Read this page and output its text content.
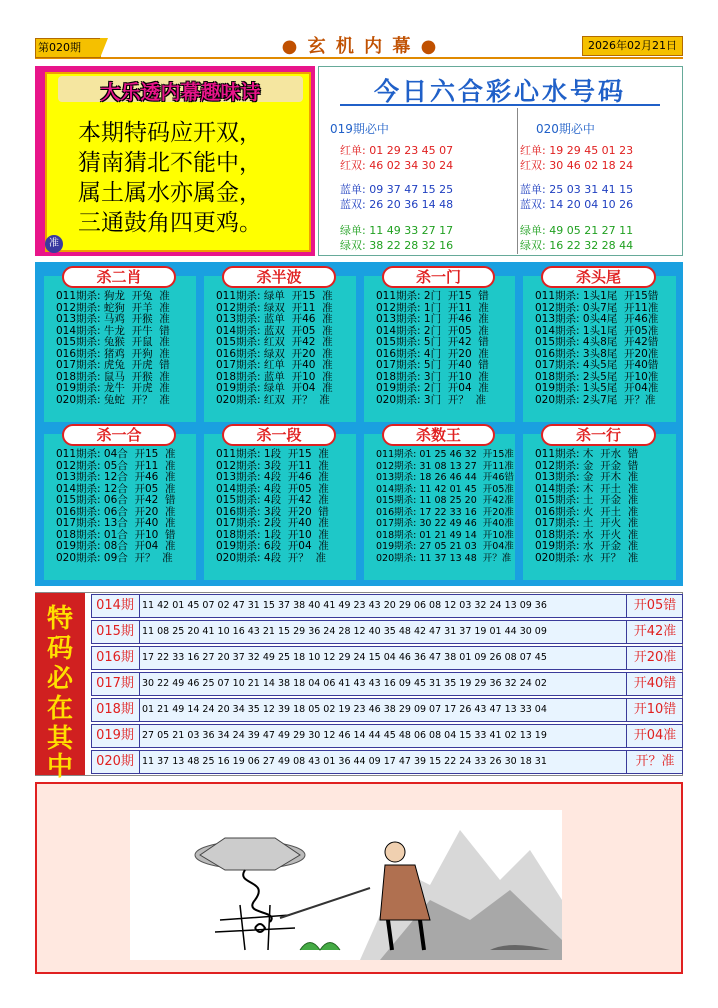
第020期	● 玄 机 内 幕 ●	2026年02月21日
大乐透内幕趣味诗
本期特码应开双，
猜南猜北不能中，
属土属水亦属金，
三通鼓角四更鸡。
准
今日六合彩心水号码
019期必中	020期必中
红单: 01 29 23 45 07
红双: 46 02 34 30 24
蓝单: 09 37 47 15 25
蓝双: 26 20 36 14 48
绿单: 11 49 33 27 17
绿双: 38 22 28 32 16
红单: 19 29 45 01 23
红双: 30 46 02 18 24
蓝单: 25 03 31 41 15
蓝双: 14 20 04 10 26
绿单: 49 05 21 27 11
绿双: 16 22 32 28 44
杀二肖
011期杀: 狗龙  开兔  准
012期杀: 蛇狗  开羊  准
013期杀: 马鸡  开猴  准
014期杀: 牛龙  开牛  错
015期杀: 兔猴  开鼠  准
016期杀: 猪鸡  开狗  准
017期杀: 虎兔  开虎  错
018期杀: 鼠马  开猴  准
019期杀: 龙牛  开虎  准
020期杀: 兔蛇  开？  准
杀半波
011期杀: 绿单  开15  准
012期杀: 绿双  开11  准
013期杀: 蓝单  开46  准
014期杀: 蓝双  开05  准
015期杀: 红双  开42  准
016期杀: 绿双  开20  准
017期杀: 红单  开40  准
018期杀: 蓝单  开10  准
019期杀: 绿单  开04  准
020期杀: 红双  开？  准
杀一门
011期杀: 2门  开15  错
012期杀: 1门  开11  准
013期杀: 1门  开46  准
014期杀: 2门  开05  准
015期杀: 5门  开42  错
016期杀: 4门  开20  准
017期杀: 5门  开40  错
018期杀: 3门  开10  准
019期杀: 2门  开04  准
020期杀: 3门  开？  准
杀头尾
011期杀: 1头1尾  开15错
012期杀: 0头7尾  开11准
013期杀: 0头4尾  开46准
014期杀: 1头1尾  开05准
015期杀: 4头8尾  开42错
016期杀: 3头8尾  开20准
017期杀: 4头5尾  开40错
018期杀: 2头5尾  开10准
019期杀: 1头5尾  开04准
020期杀: 2头7尾  开？准
杀一合
011期杀: 04合  开15  准
012期杀: 05合  开11  准
013期杀: 12合  开46  准
014期杀: 12合  开05  准
015期杀: 06合  开42  错
016期杀: 06合  开20  准
017期杀: 13合  开40  准
018期杀: 01合  开10  错
019期杀: 08合  开04  准
020期杀: 09合  开？  准
杀一段
011期杀: 1段  开15  准
012期杀: 3段  开11  准
013期杀: 4段  开46  准
014期杀: 4段  开05  准
015期杀: 4段  开42  准
016期杀: 3段  开20  错
017期杀: 2段  开40  准
018期杀: 1段  开10  准
019期杀: 6段  开04  准
020期杀: 4段  开？  准
杀数王
011期杀: 01 25 46 32  开15准
012期杀: 31 08 13 27  开11准
013期杀: 18 26 46 44  开46错
014期杀: 11 42 01 45  开05准
015期杀: 11 08 25 20  开42准
016期杀: 17 22 33 16  开20准
017期杀: 30 22 49 46  开40准
018期杀: 01 21 49 14  开10准
019期杀: 27 05 21 03  开04准
020期杀: 11 37 13 48  开？准
杀一行
011期杀: 木  开水  错
012期杀: 金  开金  错
013期杀: 金  开木  准
014期杀: 木  开土  准
015期杀: 土  开金  准
016期杀: 火  开土  准
017期杀: 土  开火  准
018期杀: 水  开火  准
019期杀: 水  开金  准
020期杀: 水  开？  准
特
码
必
在
其
中
014期 11 42 01 45 07 02 47 31 15 37 38 40 41 49 23 43 20 29 06 08 12 03 32 24 13 09 36	开05错
015期 11 08 25 20 41 10 16 43 21 15 29 36 24 28 12 40 35 48 42 47 31 37 19 01 44 30 09	开42准
016期 17 22 33 16 27 20 37 32 49 25 18 10 12 29 24 15 04 46 36 47 38 01 09 26 08 07 45	开20准
017期 30 22 49 46 25 07 10 21 14 38 18 04 06 41 43 43 16 09 45 31 35 19 29 36 32 24 02	开40错
018期 01 21 49 14 24 20 34 35 12 39 18 05 02 19 23 46 38 29 09 07 17 26 43 47 13 33 04	开10错
019期 27 05 21 03 36 34 24 39 47 49 29 30 12 46 14 44 45 48 06 08 04 15 33 41 02 13 19	开04准
020期 11 37 13 48 25 16 19 06 27 49 08 43 01 36 44 09 17 47 39 15 22 24 33 26 30 18 31	开？准
